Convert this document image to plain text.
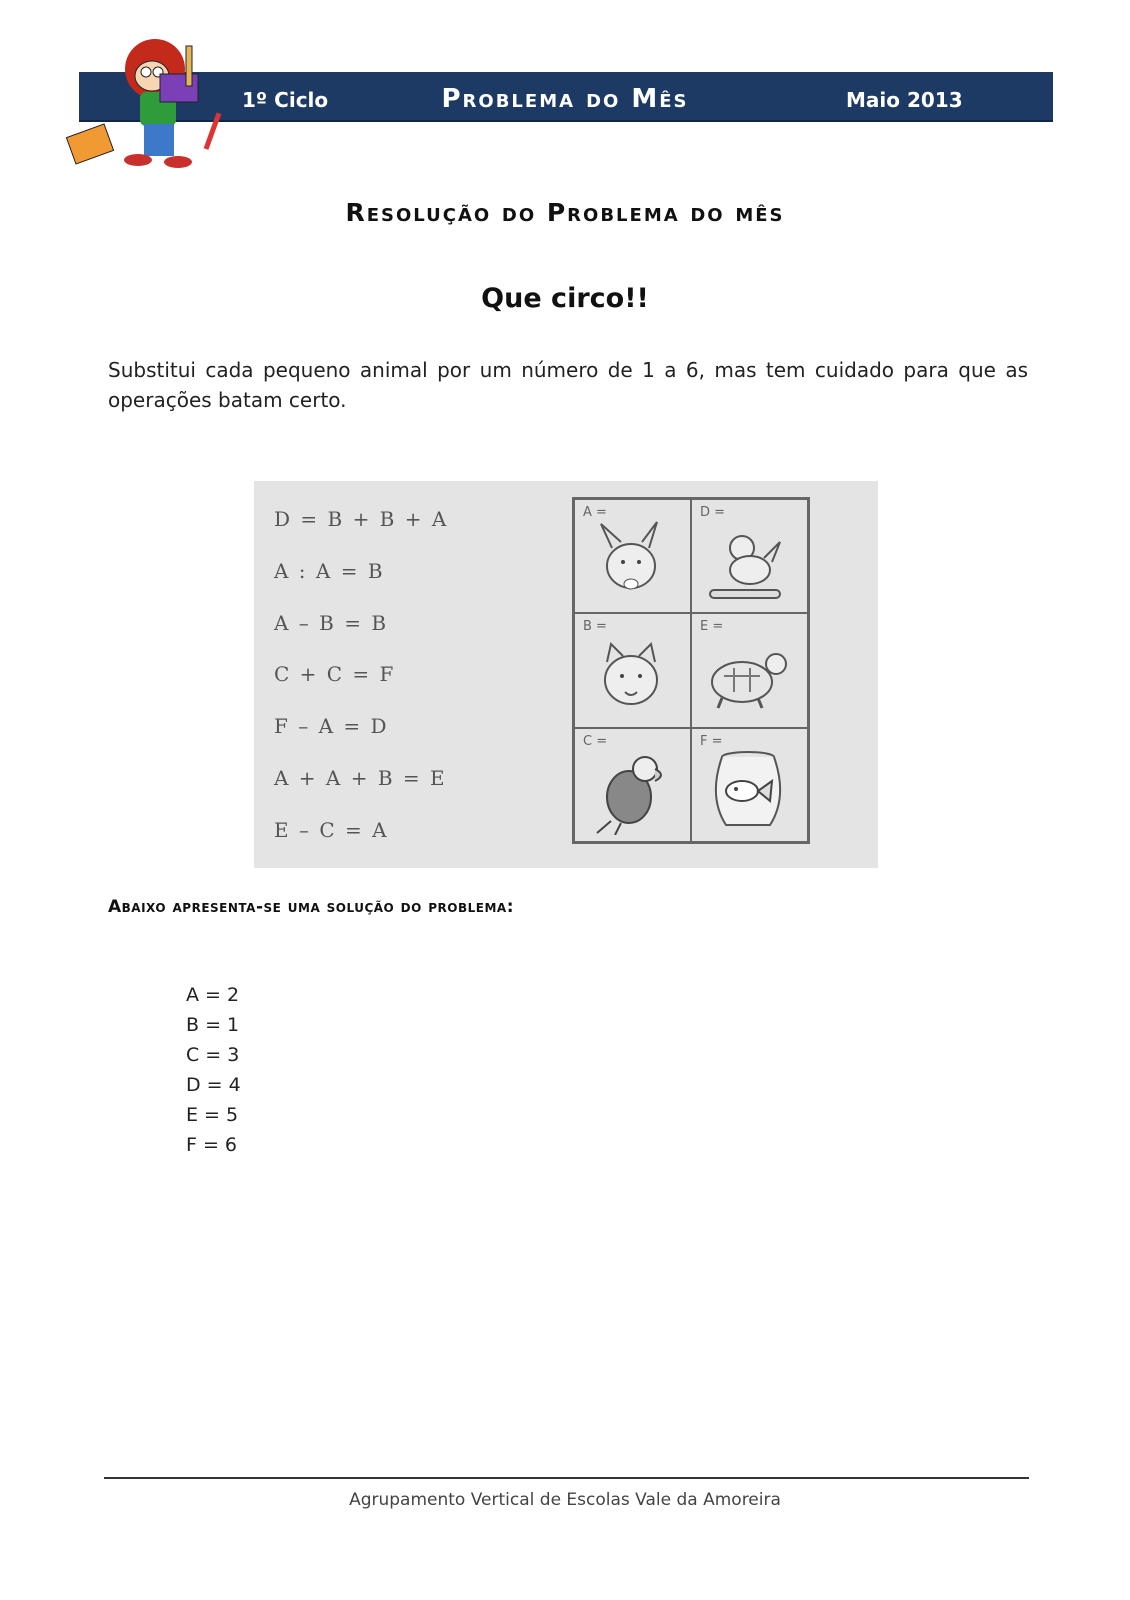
1º Ciclo	Problema do Mês	Maio 2013
Resolução do Problema do mês
Que circo!!
Substitui cada pequeno animal por um número de 1 a 6, mas tem cuidado para que as operações batam certo.
D = B + B + A
A : A = B
A – B = B
C + C = F
F – A = D
A + A + B = E
E – C = A
A =	D =
B =	E =
C =	F =
Abaixo apresenta-se uma solução do problema:
A = 2
B = 1
C = 3
D = 4
E = 5
F = 6
Agrupamento Vertical de Escolas Vale da Amoreira
